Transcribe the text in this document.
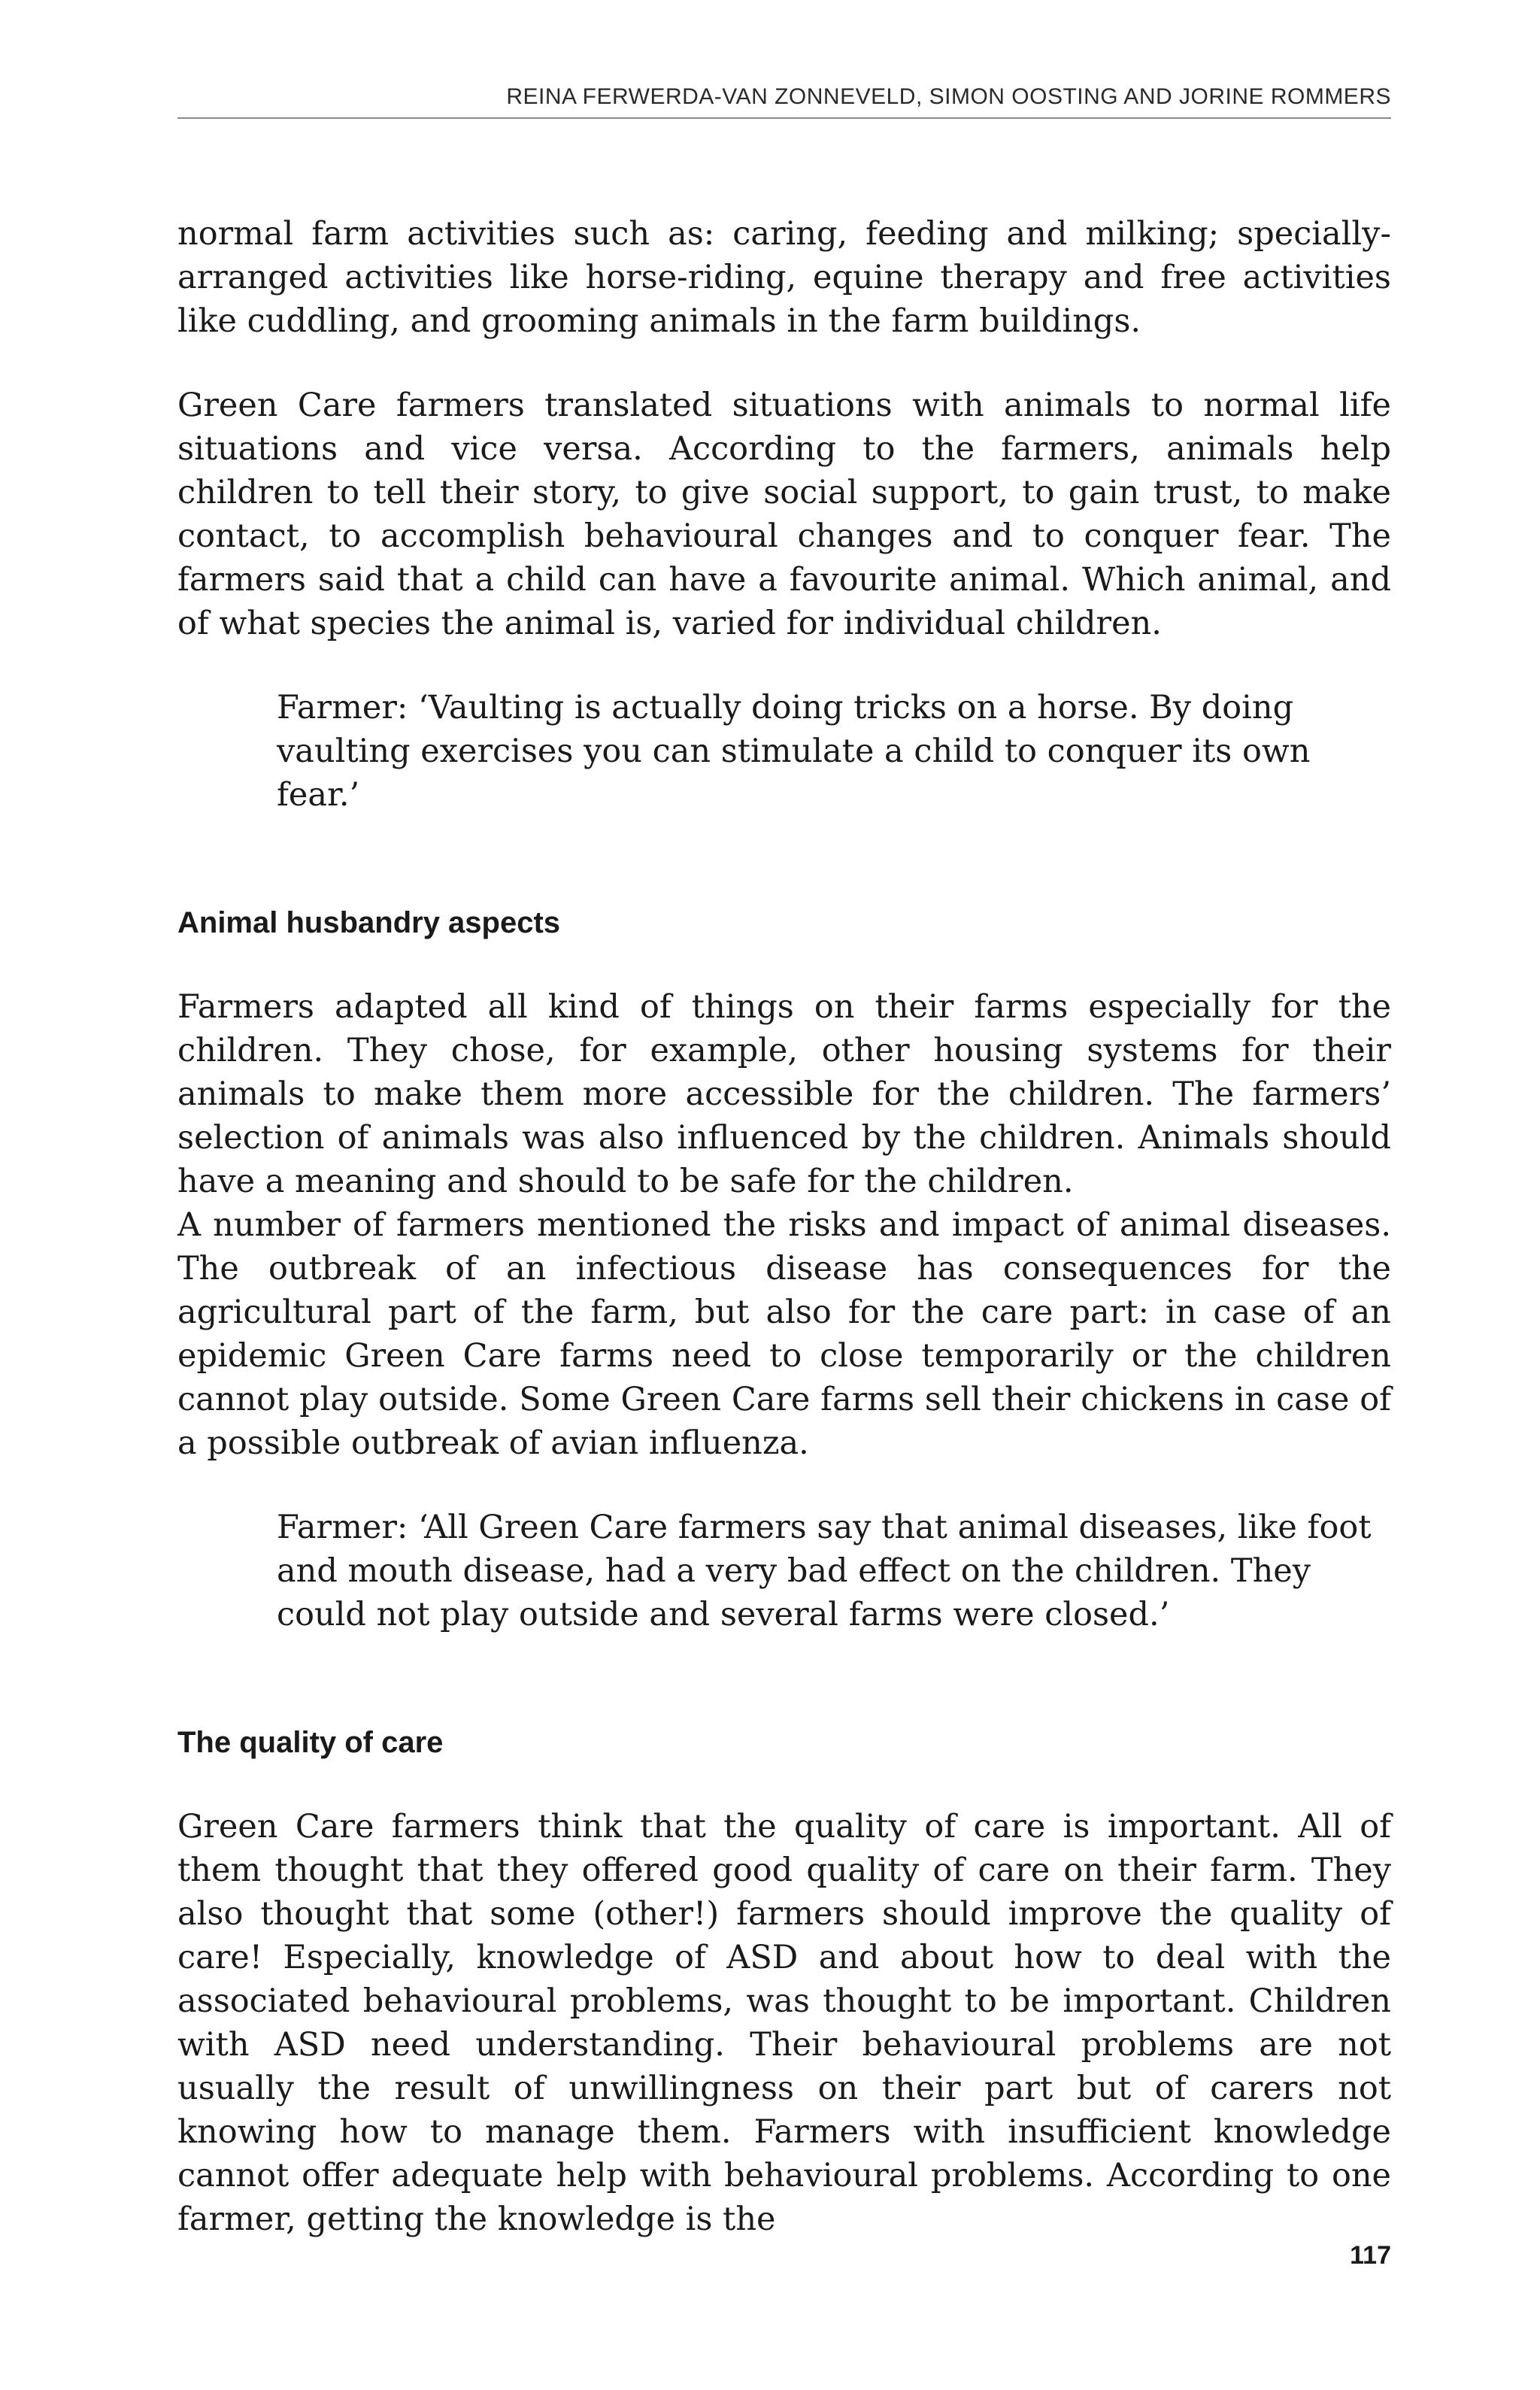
REINA FERWERDA-VAN ZONNEVELD, SIMON OOSTING AND JORINE ROMMERS

normal farm activities such as: caring, feeding and milking; specially-arranged activities like horse-riding, equine therapy and free activities like cuddling, and grooming animals in the farm buildings.

Green Care farmers translated situations with animals to normal life situations and vice versa. According to the farmers, animals help children to tell their story, to give social support, to gain trust, to make contact, to accomplish behavioural changes and to conquer fear. The farmers said that a child can have a favourite animal. Which animal, and of what species the animal is, varied for individual children.

Farmer: ‘Vaulting is actually doing tricks on a horse. By doing vaulting exercises you can stimulate a child to conquer its own fear.’

Animal husbandry aspects

Farmers adapted all kind of things on their farms especially for the children. They chose, for example, other housing systems for their animals to make them more accessible for the children. The farmers’ selection of animals was also influenced by the children. Animals should have a meaning and should to be safe for the children.

A number of farmers mentioned the risks and impact of animal diseases. The outbreak of an infectious disease has consequences for the agricultural part of the farm, but also for the care part: in case of an epidemic Green Care farms need to close temporarily or the children cannot play outside. Some Green Care farms sell their chickens in case of a possible outbreak of avian influenza.

Farmer: ‘All Green Care farmers say that animal diseases, like foot and mouth disease, had a very bad effect on the children. They could not play outside and several farms were closed.’

The quality of care

Green Care farmers think that the quality of care is important. All of them thought that they offered good quality of care on their farm. They also thought that some (other!) farmers should improve the quality of care! Especially, knowledge of ASD and about how to deal with the associated behavioural problems, was thought to be important. Children with ASD need understanding. Their behavioural problems are not usually the result of unwillingness on their part but of carers not knowing how to manage them. Farmers with insufficient knowledge cannot offer adequate help with behavioural problems. According to one farmer, getting the knowledge is the

117
